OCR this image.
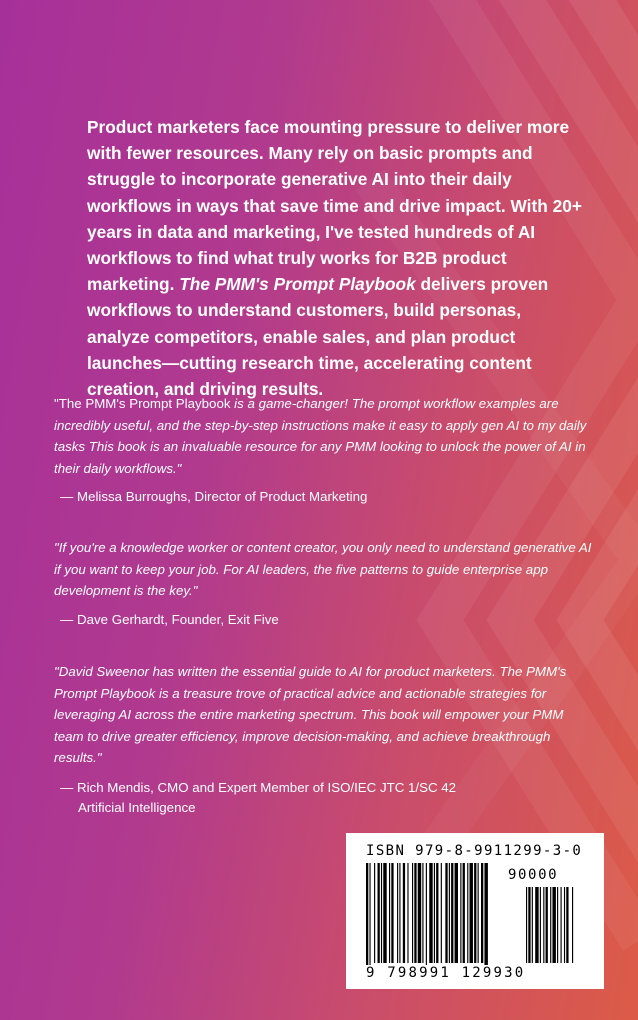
Product marketers face mounting pressure to deliver more with fewer resources. Many rely on basic prompts and struggle to incorporate generative AI into their daily workflows in ways that save time and drive impact. With 20+ years in data and marketing, I've tested hundreds of AI workflows to find what truly works for B2B product marketing. The PMM's Prompt Playbook delivers proven workflows to understand customers, build personas, analyze competitors, enable sales, and plan product launches—cutting research time, accelerating content creation, and driving results.

"The PMM's Prompt Playbook is a game-changer! The prompt workflow examples are incredibly useful, and the step-by-step instructions make it easy to apply gen AI to my daily tasks This book is an invaluable resource for any PMM looking to unlock the power of AI in their daily workflows."

— Melissa Burroughs, Director of Product Marketing

"If you're a knowledge worker or content creator, you only need to understand generative AI if you want to keep your job. For AI leaders, the five patterns to guide enterprise app development is the key."

— Dave Gerhardt, Founder, Exit Five

"David Sweenor has written the essential guide to AI for product marketers. The PMM's Prompt Playbook is a treasure trove of practical advice and actionable strategies for leveraging AI across the entire marketing spectrum. This book will empower your PMM team to drive greater efficiency, improve decision-making, and achieve breakthrough results."

— Rich Mendis, CMO and Expert Member of ISO/IEC JTC 1/SC 42
Artificial Intelligence

ISBN 979-8-9911299-3-0
90000
9 798991 129930
